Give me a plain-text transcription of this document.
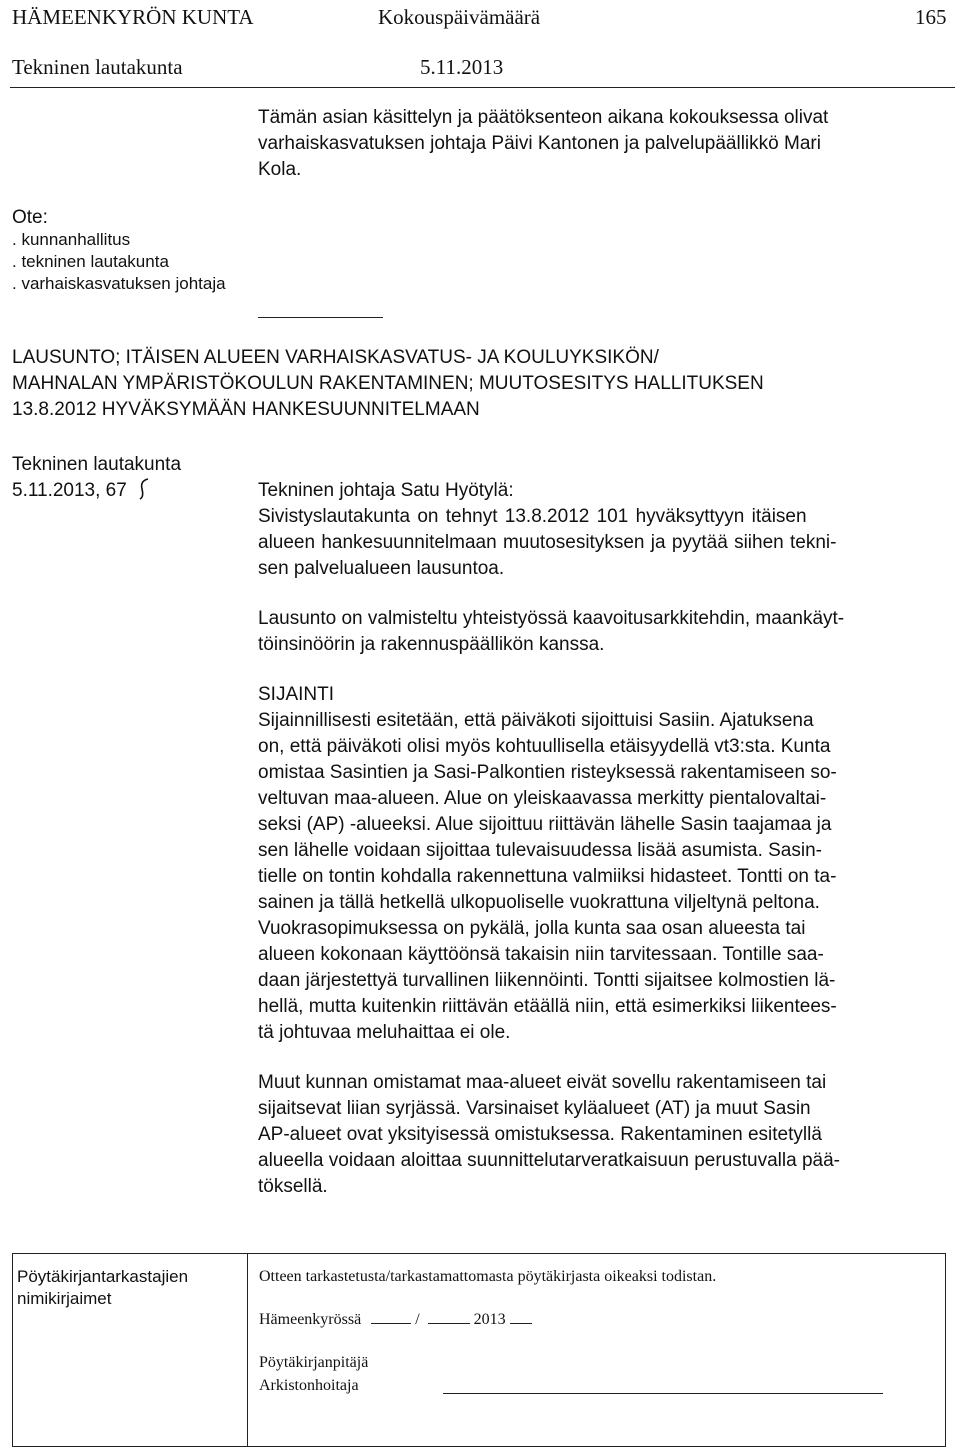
HÄMEENKYRÖN KUNTA	Kokouspäivämäärä	165
Tekninen lautakunta	5.11.2013
Tämän asian käsittelyn ja päätöksenteon aikana kokouksessa olivat
varhaiskasvatuksen johtaja Päivi Kantonen ja palvelupäällikkö Mari
Kola.
Ote:
. kunnanhallitus
. tekninen lautakunta
. varhaiskasvatuksen johtaja
LAUSUNTO; ITÄISEN ALUEEN VARHAISKASVATUS- JA KOULUYKSIKÖN/
MAHNALAN YMPÄRISTÖKOULUN RAKENTAMINEN; MUUTOSESITYS HALLITUKSEN
13.8.2012 HYVÄKSYMÄÄN HANKESUUNNITELMAAN
Tekninen lautakunta
5.11.2013, 67	Tekninen johtaja Satu Hyötylä:

Sivistyslautakunta on tehnyt 13.8.2012 101 hyväksyttyyn itäisen

alueen hankesuunnitelmaan muutosesityksen ja pyytää siihen tekni-

sen palvelualueen lausuntoa.

Lausunto on valmisteltu yhteistyössä kaavoitusarkkitehdin, maankäyt-

töinsinöörin ja rakennuspäällikön kanssa.

SIJAINTI

Sijainnillisesti esitetään, että päiväkoti sijoittuisi Sasiin. Ajatuksena

on, että päiväkoti olisi myös kohtuullisella etäisyydellä vt3:sta. Kunta

omistaa Sasintien ja Sasi-Palkontien risteyksessä rakentamiseen so-

veltuvan maa-alueen. Alue on yleiskaavassa merkitty pientalovaltai-

seksi (AP) -alueeksi. Alue sijoittuu riittävän lähelle Sasin taajamaa ja

sen lähelle voidaan sijoittaa tulevaisuudessa lisää asumista. Sasin-

tielle on tontin kohdalla rakennettuna valmiiksi hidasteet. Tontti on ta-

sainen ja tällä hetkellä ulkopuoliselle vuokrattuna viljeltynä peltona.

Vuokrasopimuksessa on pykälä, jolla kunta saa osan alueesta tai

alueen kokonaan käyttöönsä takaisin niin tarvitessaan. Tontille saa-

daan järjestettyä turvallinen liikennöinti. Tontti sijaitsee kolmostien lä-

hellä, mutta kuitenkin riittävän etäällä niin, että esimerkiksi liikentees-

tä johtuvaa meluhaittaa ei ole.

Muut kunnan omistamat maa-alueet eivät sovellu rakentamiseen tai

sijaitsevat liian syrjässä. Varsinaiset kyläalueet (AT) ja muut Sasin

AP-alueet ovat yksityisessä omistuksessa. Rakentaminen esitetyllä

alueella voidaan aloittaa suunnittelutarveratkaisuun perustuvalla pää-

töksellä.

Pöytäkirjantarkastajien
nimikirjaimet
Otteen tarkastetusta/tarkastamattomasta pöytäkirjasta oikeaksi todistan.
Hämeenkyrössä	/	2013
Pöytäkirjanpitäjä
Arkistonhoitaja
